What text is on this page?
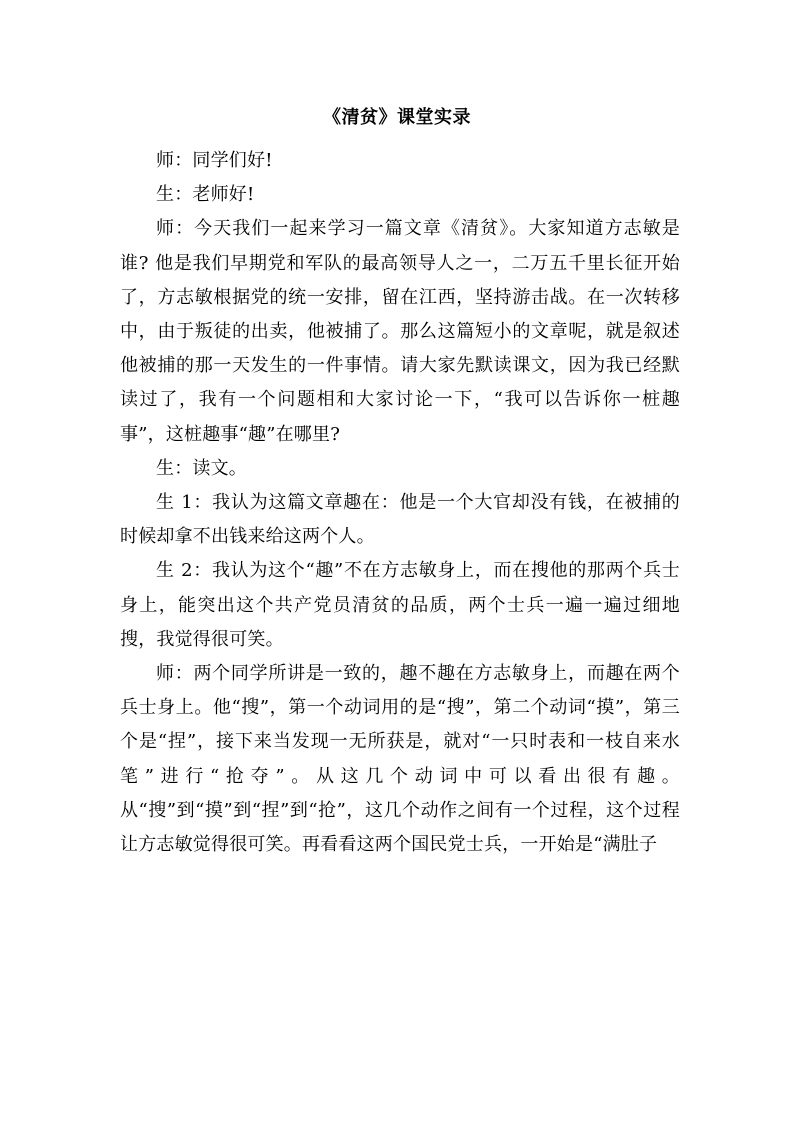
《清贫》课堂实录

师：同学们好!

生：老师好!

师：今天我们一起来学习一篇文章《清贫》。大家知道方志敏是谁? 他是我们早期党和军队的最高领导人之一，二万五千里长征开始了，方志敏根据党的统一安排，留在江西，坚持游击战。在一次转移中，由于叛徒的出卖，他被捕了。那么这篇短小的文章呢，就是叙述他被捕的那一天发生的一件事情。请大家先默读课文，因为我已经默读过了，我有一个问题相和大家讨论一下，“我可以告诉你一桩趣事”，这桩趣事“趣”在哪里?

生：读文。

生 1：我认为这篇文章趣在：他是一个大官却没有钱，在被捕的时候却拿不出钱来给这两个人。

生 2：我认为这个“趣”不在方志敏身上，而在搜他的那两个兵士身上，能突出这个共产党员清贫的品质，两个士兵一遍一遍过细地搜，我觉得很可笑。

师：两个同学所讲是一致的，趣不趣在方志敏身上，而趣在两个兵士身上。他“搜”，第一个动词用的是“搜”，第二个动词“摸”，第三个是“捏”，接下来当发现一无所获是，就对“一只时表和一枝自来水笔”进行“抢夺”。从这几个动词中可以看出很有趣。从“搜”到“摸”到“捏”到“抢”，这几个动作之间有一个过程，这个过程让方志敏觉得很可笑。再看看这两个国民党士兵，一开始是“满肚子
